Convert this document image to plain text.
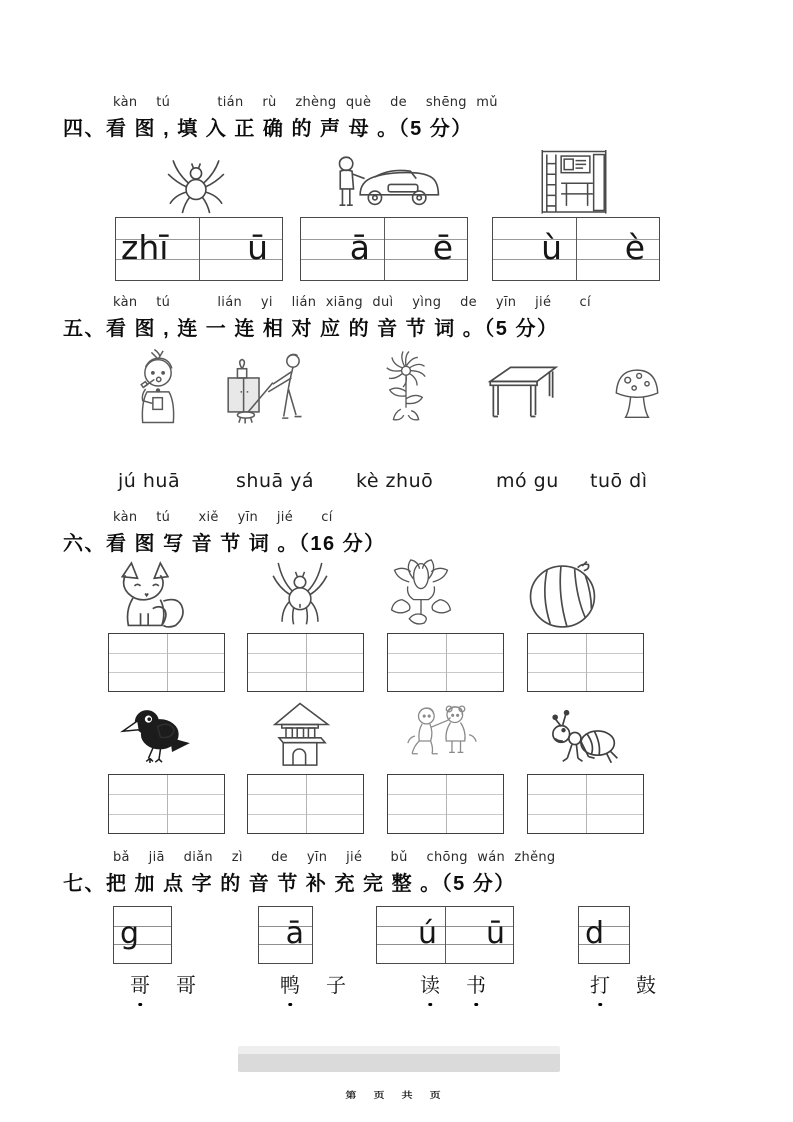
kàn  tú     tián  rù  zhèng què  de  shēng mǔ
四、看 图 , 填 入 正 确 的 声 母 。（5 分）
zhī	ū	ā	ē	ù	è
kàn  tú     lián  yi  lián xiāng duì  yìng  de  yīn  jié   cí
五、看 图 , 连 一 连 相 对 应 的 音 节 词 。（5 分）
jú huā	shuā yá kè zhuō	mó gu tuō dì
kàn  tú   xiě  yīn  jié   cí
六、看 图 写 音 节 词 。（16 分）
bǎ  jiā  diǎn  zì   de  yīn  jié   bǔ  chōng wán zhěng
七、把 加 点 字 的 音 节 补 充 完 整 。（5 分）
g	ā	ú	ū	d
哥 哥	鸭 子	读 书	打 鼓
第 页 共 页
